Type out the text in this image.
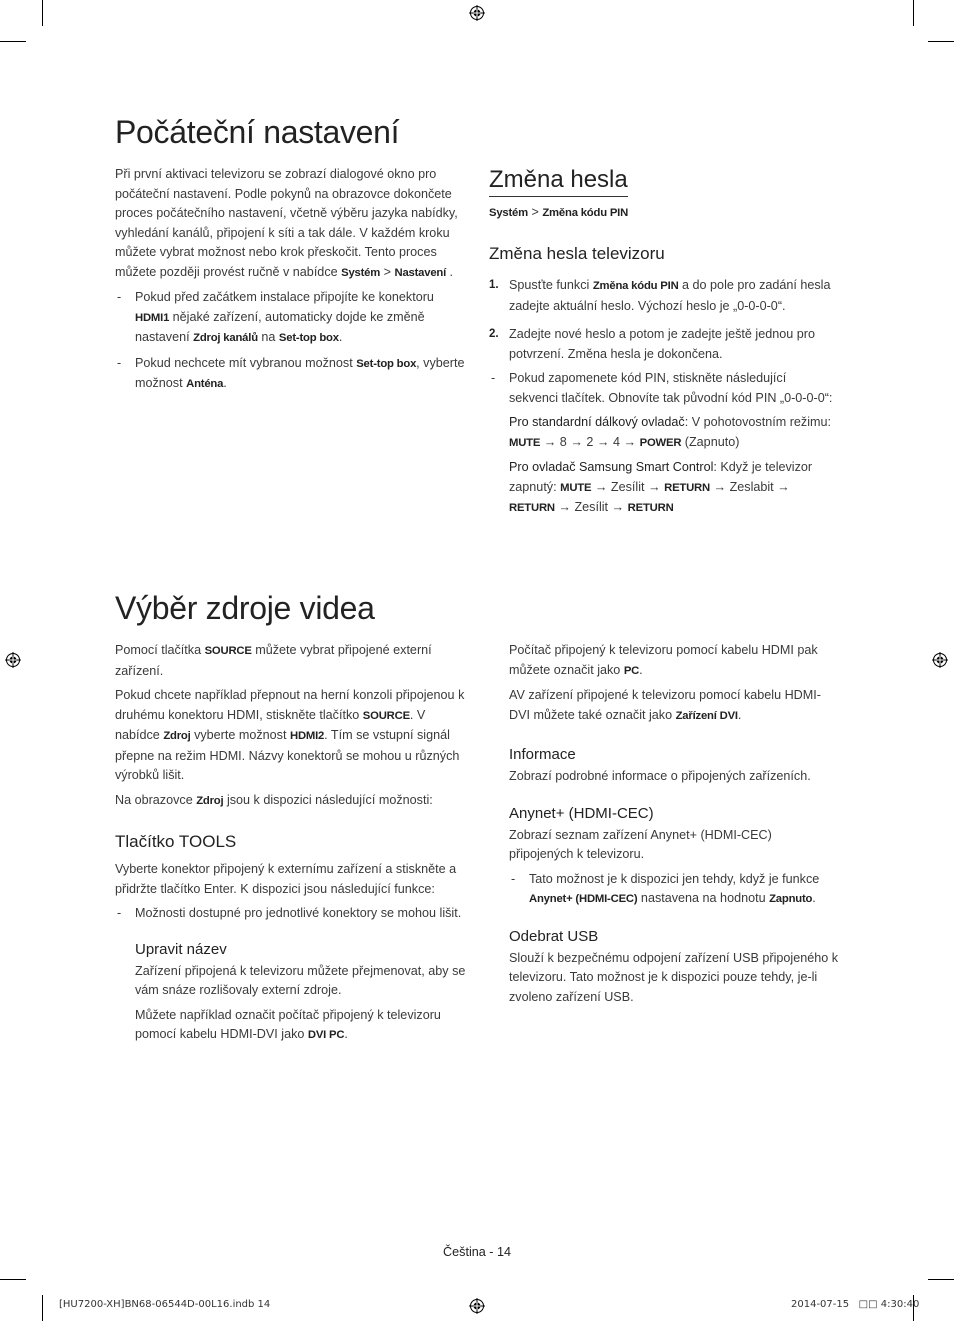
Počáteční nastavení

Při první aktivaci televizoru se zobrazí dialogové okno pro počáteční nastavení. Podle pokynů na obrazovce dokončete proces počátečního nastavení, včetně výběru jazyka nabídky, vyhledání kanálů, připojení k síti a tak dále. V každém kroku můžete vybrat možnost nebo krok přeskočit. Tento proces můžete později provést ručně v nabídce Systém > Nastavení .

- Pokud před začátkem instalace připojíte ke konektoru HDMI1 nějaké zařízení, automaticky dojde ke změně nastavení Zdroj kanálů na Set-top box.

- Pokud nechcete mít vybranou možnost Set-top box, vyberte možnost Anténa.

Změna hesla
Systém > Změna kódu PIN
Změna hesla televizoru

1. Spusťte funkci Změna kódu PIN a do pole pro zadání hesla zadejte aktuální heslo. Výchozí heslo je „0-0-0-0“.

2. Zadejte nové heslo a potom je zadejte ještě jednou pro potvrzení. Změna hesla je dokončena.

- Pokud zapomenete kód PIN, stiskněte následující sekvenci tlačítek. Obnovíte tak původní kód PIN „0-0-0-0“:

Pro standardní dálkový ovladač: V pohotovostním režimu: MUTE → 8 → 2 → 4 → POWER (Zapnuto)

Pro ovladač Samsung Smart Control: Když je televizor zapnutý: MUTE → Zesílit → RETURN → Zeslabit → RETURN → Zesílit → RETURN

Výběr zdroje videa

Pomocí tlačítka SOURCE můžete vybrat připojené externí zařízení.

Pokud chcete například přepnout na herní konzoli připojenou k druhému konektoru HDMI, stiskněte tlačítko SOURCE. V nabídce Zdroj vyberte možnost HDMI2. Tím se vstupní signál přepne na režim HDMI. Názvy konektorů se mohou u různých výrobků lišit.

Na obrazovce Zdroj jsou k dispozici následující možnosti:

Tlačítko TOOLS

Vyberte konektor připojený k externímu zařízení a stiskněte a přidržte tlačítko Enter. K dispozici jsou následující funkce:

- Možnosti dostupné pro jednotlivé konektory se mohou lišit.

Upravit název

Zařízení připojená k televizoru můžete přejmenovat, aby se vám snáze rozlišovaly externí zdroje.

Můžete například označit počítač připojený k televizoru pomocí kabelu HDMI-DVI jako DVI PC.

Počítač připojený k televizoru pomocí kabelu HDMI pak můžete označit jako PC.

AV zařízení připojené k televizoru pomocí kabelu HDMI-DVI můžete také označit jako Zařízení DVI.

Informace

Zobrazí podrobné informace o připojených zařízeních.

Anynet+ (HDMI-CEC)

Zobrazí seznam zařízení Anynet+ (HDMI-CEC) připojených k televizoru.

- Tato možnost je k dispozici jen tehdy, když je funkce Anynet+ (HDMI-CEC) nastavena na hodnotu Zapnuto.

Odebrat USB

Slouží k bezpečnému odpojení zařízení USB připojeného k televizoru. Tato možnost je k dispozici pouze tehdy, je-li zvoleno zařízení USB.

Čeština - 14
[HU7200-XH]BN68-06544D-00L16.indb 14	2014-07-15 □□ 4:30:40
